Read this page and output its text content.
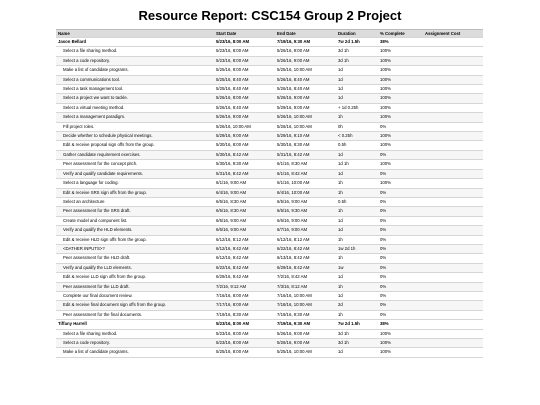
Resource Report: CSC154 Group 2 Project
Name	Start Date	End Date	Duration	% Complete	Assignment Cost
Jason Bellard	5/23/16, 8:00 AM	7/19/16, 9:30 AM	7w 2d 1.5h	38%	
Select a file sharing method.	5/23/16, 8:00 AM	5/26/16, 9:00 AM	3d 1h	100%	
Select a code repository.	5/23/16, 8:00 AM	5/26/16, 9:00 AM	3d 1h	100%	
Make a list of candidate programs.	5/25/16, 8:00 AM	5/25/16, 10:00 AM	1d	100%	
Select a communications tool.	5/25/16, 8:40 AM	5/26/16, 8:40 AM	1d	100%	
Select a task management tool.	5/25/16, 8:40 AM	5/26/16, 8:40 AM	1d	100%	
Select a project we want to tackle.	5/26/16, 8:00 AM	5/26/16, 9:00 AM	1d	100%	
Select a virtual meeting method.	5/26/16, 8:40 AM	5/29/16, 9:00 AM	+ 1d 0.25h	100%	
Select a management paradigm.	5/26/16, 9:00 AM	5/26/16, 10:00 AM	1h	100%	
Fill project roles.	5/26/16, 10:00 AM	5/26/16, 10:00 AM	0h	0%	
Decide whether to schedule physical meetings.	5/29/16, 9:00 AM	5/29/16, 9:10 AM	< 0.25h	100%	
Edit & receive proposal sign offs from the group.	5/30/16, 8:00 AM	5/30/16, 8:30 AM	0.5h	100%	
Gather candidate requirement exercises.	5/30/16, 8:42 AM	5/31/16, 8:42 AM	1d	0%	
Peer assessment for the concept pitch.	5/30/16, 9:30 AM	6/1/16, 8:30 AM	1d 1h	100%	
Verify and qualify candidate requirements.	5/31/16, 8:42 AM	6/1/16, 8:42 AM	1d	0%	
Select a language for coding.	6/1/16, 9:00 AM	6/1/16, 10:00 AM	1h	100%	
Edit & receive SRS sign offs from the group.	6/4/16, 9:00 AM	6/4/16, 10:00 AM	1h	0%	
Select an architecture	6/5/16, 8:30 AM	6/5/16, 9:00 AM	0.5h	0%	
Peer assessment for the SRS draft.	6/5/16, 8:30 AM	6/5/16, 9:30 AM	1h	0%	
Create model and component list.	6/5/16, 9:00 AM	6/6/16, 9:00 AM	1d	0%	
Verify and qualify the HLD elements.	6/6/16, 9:00 AM	6/7/16, 9:00 AM	1d	0%	
Edit & receive HLD sign offs from the group.	6/12/16, 8:12 AM	6/12/16, 8:12 AM	1h	0%	
<DATHER INPUTS>?	6/12/16, 9:42 AM	6/22/16, 8:42 AM	1w 2d 1h	0%	
Peer assessment for the HLD draft.	6/12/16, 9:42 AM	6/13/16, 8:42 AM	1h	0%	
Verify and qualify the LLD elements.	6/22/16, 8:42 AM	6/29/16, 8:42 AM	1w	0%	
Edit & receive LLD sign offs from the group.	6/29/16, 9:42 AM	7/2/16, 8:42 AM	1d	0%	
Peer assessment for the LLD draft.	7/2/16, 9:12 AM	7/3/16, 8:12 AM	1h	0%	
Complete our final document review.	7/16/16, 8:00 AM	7/16/16, 10:00 AM	1d	0%	
Edit & receive final document sign offs from the group.	7/17/16, 8:00 AM	7/18/16, 10:00 AM	2d	0%	
Peer assessment for the final documents.	7/19/16, 8:30 AM	7/19/16, 9:30 AM	1h	0%	
Tiffany Harrell	5/23/16, 8:00 AM	7/19/16, 9:30 AM	7w 2d 1.5h	38%	
Select a file sharing method.	5/23/16, 8:00 AM	5/26/16, 9:00 AM	3d 1h	100%	
Select a code repository.	5/23/16, 8:00 AM	5/26/16, 9:00 AM	3d 1h	100%	
Make a list of candidate programs.	5/25/16, 8:00 AM	5/25/16, 10:00 AM	1d	100%	
